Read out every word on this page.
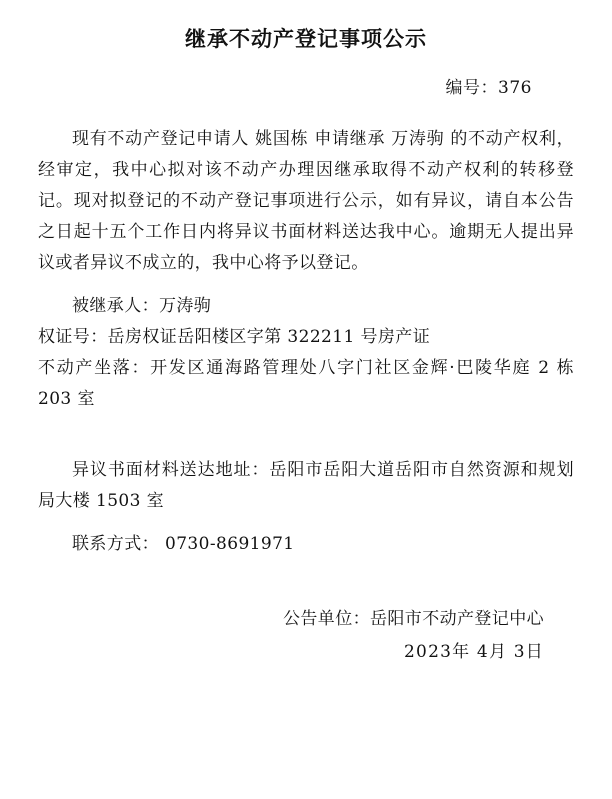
继承不动产登记事项公示
编号：376

现有不动产登记申请人 姚国栋 申请继承 万涛驹 的不动产权利，经审定，我中心拟对该不动产办理因继承取得不动产权利的转移登记。现对拟登记的不动产登记事项进行公示，如有异议，请自本公告之日起十五个工作日内将异议书面材料送达我中心。逾期无人提出异议或者异议不成立的，我中心将予以登记。

被继承人：万涛驹

权证号：岳房权证岳阳楼区字第 322211 号房产证

不动产坐落：开发区通海路管理处八字门社区金辉·巴陵华庭 2 栋 203 室

异议书面材料送达地址：岳阳市岳阳大道岳阳市自然资源和规划局大楼 1503 室

联系方式： 0730-8691971

公告单位：岳阳市不动产登记中心
2023年 4月 3日
